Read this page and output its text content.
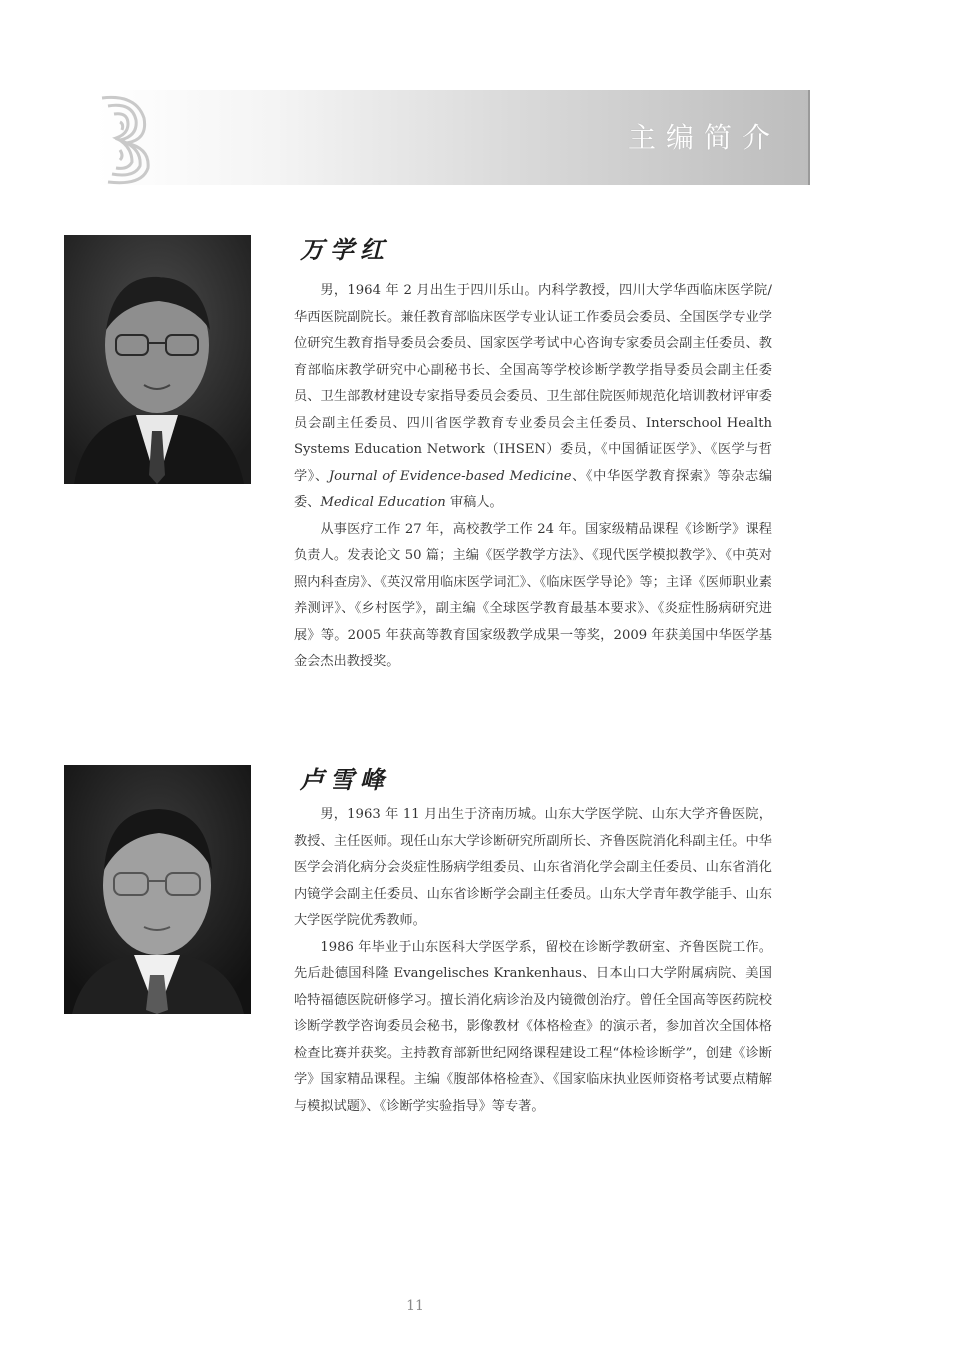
主编简介
万学红

男，1964 年 2 月出生于四川乐山。内科学教授，四川大学华西临床医学院/华西医院副院长。兼任教育部临床医学专业认证工作委员会委员、全国医学专业学位研究生教育指导委员会委员、国家医学考试中心咨询专家委员会副主任委员、教育部临床教学研究中心副秘书长、全国高等学校诊断学教学指导委员会副主任委员、卫生部教材建设专家指导委员会委员、卫生部住院医师规范化培训教材评审委员会副主任委员、四川省医学教育专业委员会主任委员、Interschool Health Systems Education Network（IHSEN）委员，《中国循证医学》、《医学与哲学》、Journal of Evidence-based Medicine、《中华医学教育探索》等杂志编委、Medical Education 审稿人。

从事医疗工作 27 年，高校教学工作 24 年。国家级精品课程《诊断学》课程负责人。发表论文 50 篇；主编《医学教学方法》、《现代医学模拟教学》、《中英对照内科查房》、《英汉常用临床医学词汇》、《临床医学导论》等；主译《医师职业素养测评》、《乡村医学》，副主编《全球医学教育最基本要求》、《炎症性肠病研究进展》等。2005 年获高等教育国家级教学成果一等奖，2009 年获美国中华医学基金会杰出教授奖。

卢雪峰

男，1963 年 11 月出生于济南历城。山东大学医学院、山东大学齐鲁医院，教授、主任医师。现任山东大学诊断研究所副所长、齐鲁医院消化科副主任。中华医学会消化病分会炎症性肠病学组委员、山东省消化学会副主任委员、山东省消化内镜学会副主任委员、山东省诊断学会副主任委员。山东大学青年教学能手、山东大学医学院优秀教师。

1986 年毕业于山东医科大学医学系，留校在诊断学教研室、齐鲁医院工作。先后赴德国科隆 Evangelisches Krankenhaus、日本山口大学附属病院、美国哈特福德医院研修学习。擅长消化病诊治及内镜微创治疗。曾任全国高等医药院校诊断学教学咨询委员会秘书，影像教材《体格检查》的演示者，参加首次全国体格检查比赛并获奖。主持教育部新世纪网络课程建设工程“体检诊断学”，创建《诊断学》国家精品课程。主编《腹部体格检查》、《国家临床执业医师资格考试要点精解与模拟试题》、《诊断学实验指导》等专著。

11
